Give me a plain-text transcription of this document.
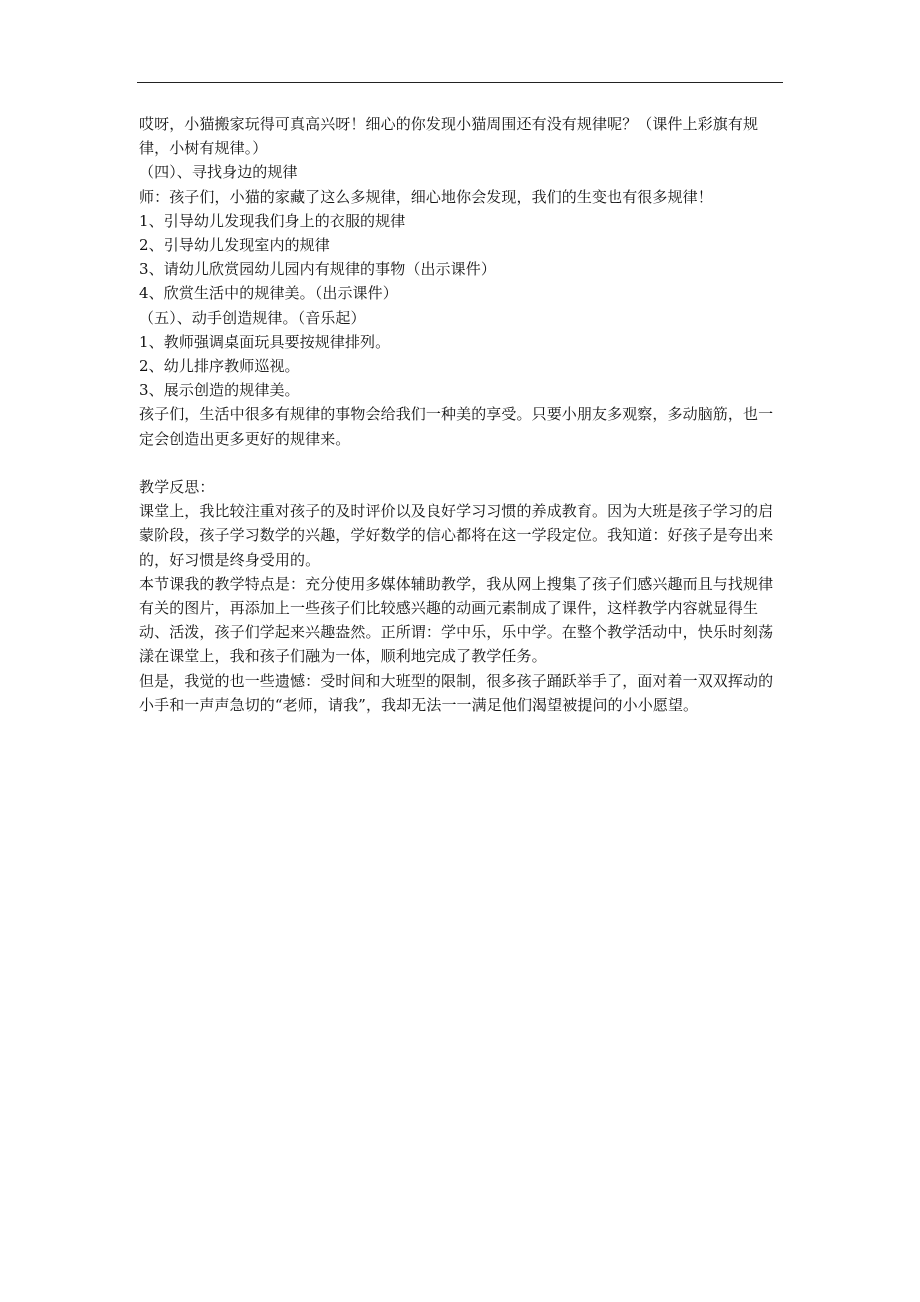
哎呀，小猫搬家玩得可真高兴呀！细心的你发现小猫周围还有没有规律呢？（课件上彩旗有规律，小树有规律。）

（四）、寻找身边的规律

师：孩子们，小猫的家藏了这么多规律，细心地你会发现，我们的生变也有很多规律！

1、引导幼儿发现我们身上的衣服的规律

2、引导幼儿发现室内的规律

3、请幼儿欣赏园幼儿园内有规律的事物（出示课件）

4、欣赏生活中的规律美。（出示课件）

（五）、动手创造规律。（音乐起）

1、教师强调桌面玩具要按规律排列。

2、幼儿排序教师巡视。

3、展示创造的规律美。

孩子们，生活中很多有规律的事物会给我们一种美的享受。只要小朋友多观察，多动脑筋，也一定会创造出更多更好的规律来。

教学反思：

课堂上，我比较注重对孩子的及时评价以及良好学习习惯的养成教育。因为大班是孩子学习的启蒙阶段，孩子学习数学的兴趣，学好数学的信心都将在这一学段定位。我知道：好孩子是夸出来的，好习惯是终身受用的。

本节课我的教学特点是：充分使用多媒体辅助教学，我从网上搜集了孩子们感兴趣而且与找规律有关的图片，再添加上一些孩子们比较感兴趣的动画元素制成了课件，这样教学内容就显得生动、活泼，孩子们学起来兴趣盎然。正所谓：学中乐，乐中学。在整个教学活动中，快乐时刻荡漾在课堂上，我和孩子们融为一体，顺利地完成了教学任务。

但是，我觉的也一些遗憾：受时间和大班型的限制，很多孩子踊跃举手了，面对着一双双挥动的小手和一声声急切的“老师，请我”，我却无法一一满足他们渴望被提问的小小愿望。
